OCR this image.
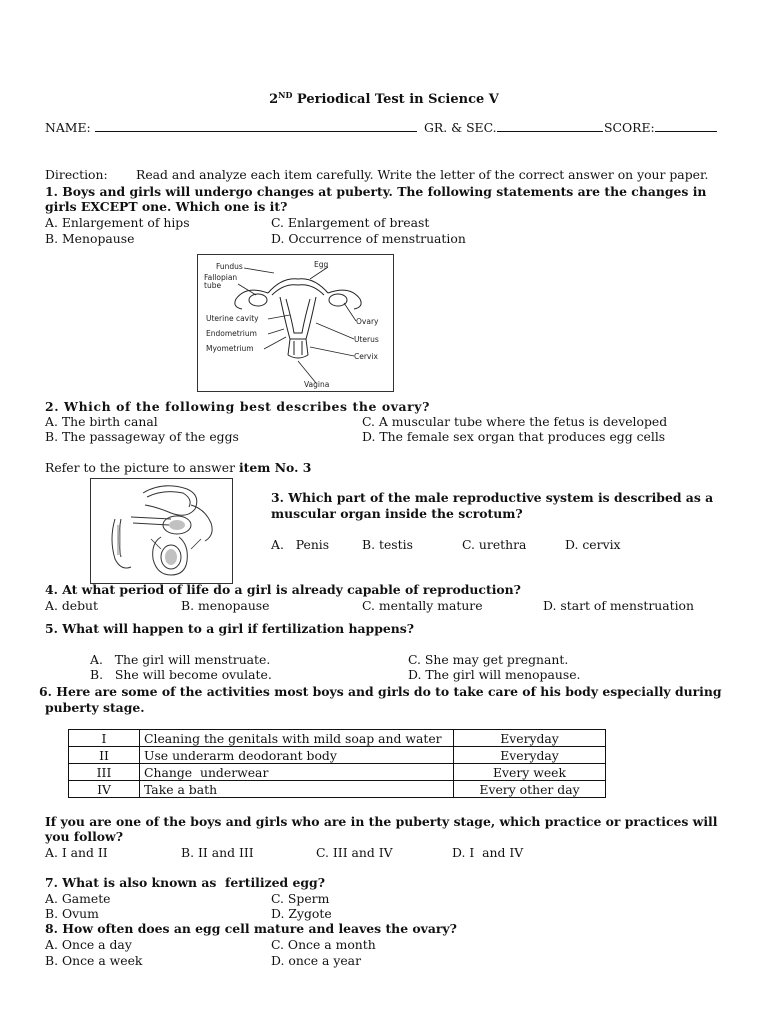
2ND Periodical Test in Science V
NAME:	GR. & SEC.	SCORE:
Direction: Read and analyze each item carefully. Write the letter of the correct answer on your paper.
1. Boys and girls will undergo changes at puberty. The following statements are the changes in
girls EXCEPT one. Which one is it?
A. Enlargement of hips	C. Enlargement of breast
B. Menopause	D. Occurrence of menstruation
Fundus	Egg
Fallopian
tube
Uterine cavity
Endometrium
Myometrium
Ovary
Uterus
Cervix
Vagina
2. Which of the following best describes the ovary?
A. The birth canal	C. A muscular tube where the fetus is developed
B. The passageway of the eggs	D. The female sex organ that produces egg cells
Refer to the picture to answer item No. 3
3. Which part of the male reproductive system is described as a
muscular organ inside the scrotum?
A.   Penis	B. testis	C. urethra	D. cervix
4. At what period of life do a girl is already capable of reproduction?
A. debut	B. menopause	C. mentally mature	D. start of menstruation
5. What will happen to a girl if fertilization happens?
A.   The girl will menstruate.	C. She may get pregnant.
B.   She will become ovulate.	D. The girl will menopause.
6. Here are some of the activities most boys and girls do to take care of his body especially during
puberty stage.
I	Cleaning the genitals with mild soap and water	Everyday
II	Use underarm deodorant body	Everyday
III	Change  underwear	Every week
IV	Take a bath	Every other day
If you are one of the boys and girls who are in the puberty stage, which practice or practices will
you follow?
A. I and II	B. II and III	C. III and IV	D. I  and IV
7. What is also known as  fertilized egg?
A. Gamete	C. Sperm
B. Ovum	D. Zygote
8. How often does an egg cell mature and leaves the ovary?
A. Once a day	C. Once a month
B. Once a week	D. once a year
